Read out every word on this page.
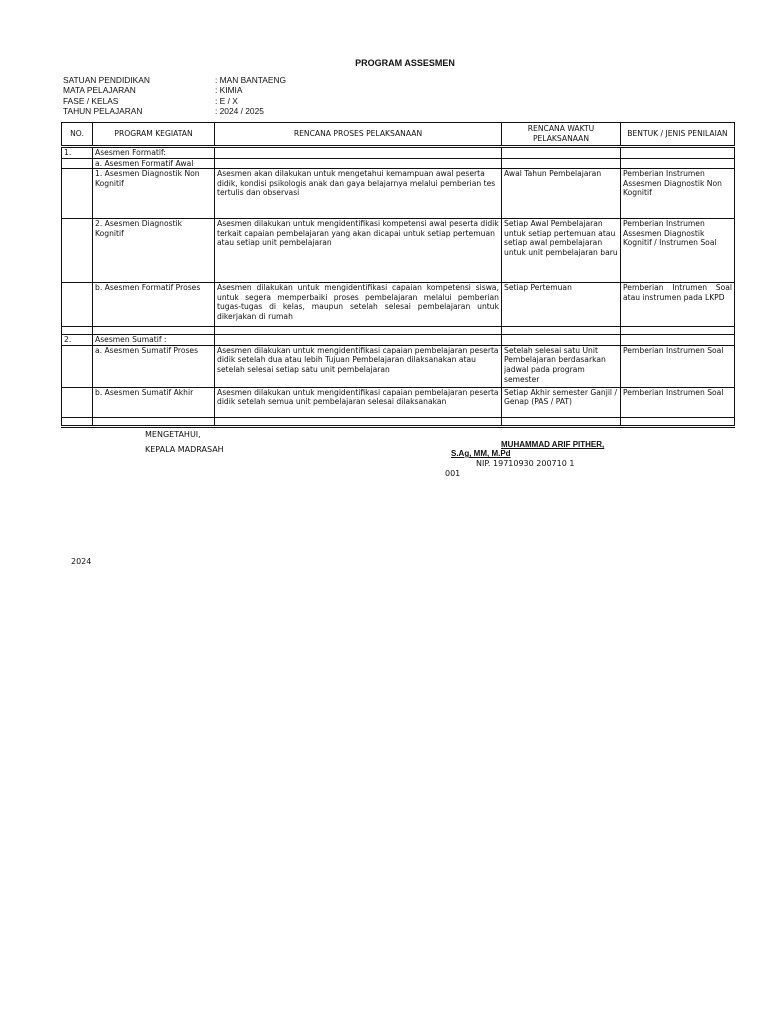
PROGRAM ASSESMEN
SATUAN PENDIDIKAN	: MAN BANTAENG
MATA PELAJARAN	: KIMIA
FASE / KELAS	: E / X
TAHUN PELAJARAN	: 2024 / 2025
NO.	PROGRAM KEGIATAN	RENCANA PROSES PELAKSANAAN	RENCANA WAKTU PELAKSANAAN	BENTUK / JENIS PENILAIAN
1.	Asesmen Formatif:			
	a. Asesmen Formatif Awal			
	1. Asesmen Diagnostik Non Kognitif	Asesmen akan dilakukan untuk mengetahui kemampuan awal peserta didik, kondisi psikologis anak dan gaya belajarnya melalui pemberian tes tertulis dan observasi	Awal Tahun Pembelajaran	Pemberian Instrumen Assesmen Diagnostik Non Kognitif
	2. Asesmen Diagnostik Kognitif	Asesmen dilakukan untuk mengidentifikasi kompetensi awal peserta didik terkait capaian pembelajaran yang akan dicapai untuk setiap pertemuan atau setiap unit pembelajaran	Setiap Awal Pembelajaran untuk setiap pertemuan atau setiap awal pembelajaran untuk unit pembelajaran baru	Pemberian Instrumen Assesmen Diagnostik Kognitif / Instrumen Soal
	b. Asesmen Formatif Proses	Asesmen dilakukan untuk mengidentifikasi capaian kompetensi siswa, untuk segera memperbaiki proses pembelajaran melalui pemberian tugas-tugas di kelas, maupun setelah selesai pembelajaran untuk dikerjakan di rumah	Setiap Pertemuan	Pemberian Intrumen Soal atau instrumen pada LKPD

2.	Asesmen Sumatif :			
	a. Asesmen Sumatif Proses	Asesmen dilakukan untuk mengidentifikasi capaian pembelajaran peserta didik setelah dua atau lebih Tujuan Pembelajaran dilaksanakan atau setelah selesai setiap satu unit pembelajaran	Setelah selesai satu Unit Pembelajaran berdasarkan jadwal pada program semester	Pemberian Instrumen Soal
	b. Asesmen Sumatif Akhir	Asesmen dilakukan untuk mengidentifikasi capaian pembelajaran peserta didik setelah semua unit pembelajaran selesai dilaksanakan	Setiap Akhir semester Ganjil / Genap (PAS / PAT)	Pemberian Instrumen Soal

MENGETAHUI,
KEPALA MADRASAH
MUHAMMAD ARIF PITHER,
S.Ag, MM, M.Pd
NIP. 19710930 200710 1
001
2024
